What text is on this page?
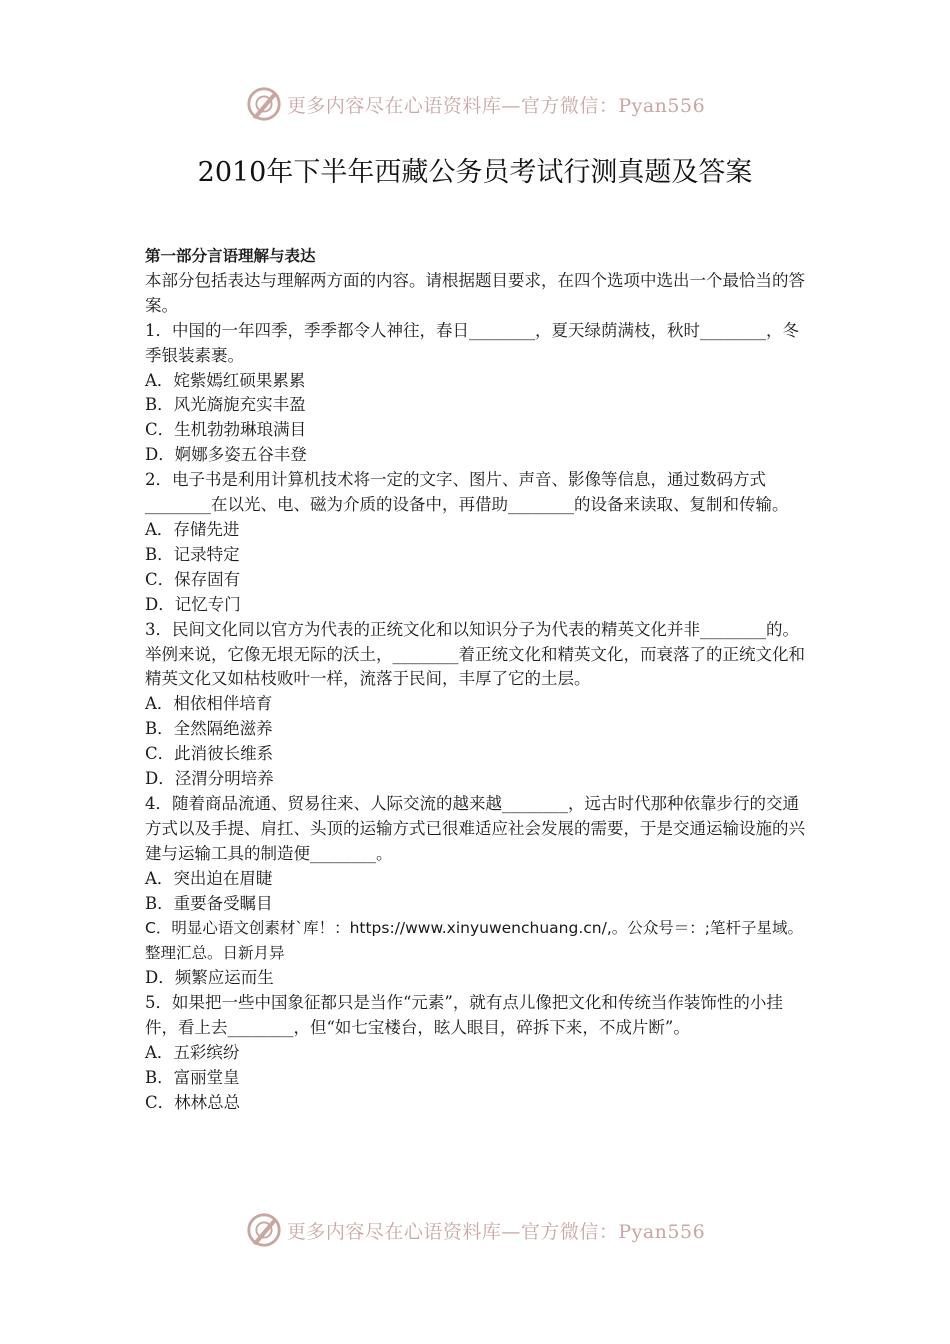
更多内容尽在心语资料库—官方微信：Pyan556
2010年下半年西藏公务员考试行测真题及答案

第一部分言语理解与表达

本部分包括表达与理解两方面的内容。请根据题目要求，在四个选项中选出一个最恰当的答案。

1．中国的一年四季，季季都令人神往，春日________，夏天绿荫满枝，秋时________，冬季银装素裹。

A．姹紫嫣红硕果累累

B．风光旖旎充实丰盈

C．生机勃勃琳琅满目

D．婀娜多姿五谷丰登

2．电子书是利用计算机技术将一定的文字、图片、声音、影像等信息，通过数码方式________在以光、电、磁为介质的设备中，再借助________的设备来读取、复制和传输。

A．存储先进

B．记录特定

C．保存固有

D．记忆专门

3．民间文化同以官方为代表的正统文化和以知识分子为代表的精英文化并非________的。举例来说，它像无垠无际的沃土，________着正统文化和精英文化，而衰落了的正统文化和精英文化又如枯枝败叶一样，流落于民间，丰厚了它的土层。

A．相依相伴培育

B．全然隔绝滋养

C．此消彼长维系

D．泾渭分明培养

4．随着商品流通、贸易往来、人际交流的越来越________，远古时代那种依靠步行的交通方式以及手提、肩扛、头顶的运输方式已很难适应社会发展的需要，于是交通运输设施的兴建与运输工具的制造便________。

A．突出迫在眉睫

B．重要备受瞩目

C．明显心语文创素材`库！：https://www.xinyuwenchuang.cn/,。公众号＝：;笔杆子星域。整理汇总。日新月异

D．频繁应运而生

5．如果把一些中国象征都只是当作“元素”，就有点儿像把文化和传统当作装饰性的小挂件，看上去________，但“如七宝楼台，眩人眼目，碎拆下来，不成片断”。

A．五彩缤纷

B．富丽堂皇

C．林林总总

更多内容尽在心语资料库—官方微信：Pyan556
